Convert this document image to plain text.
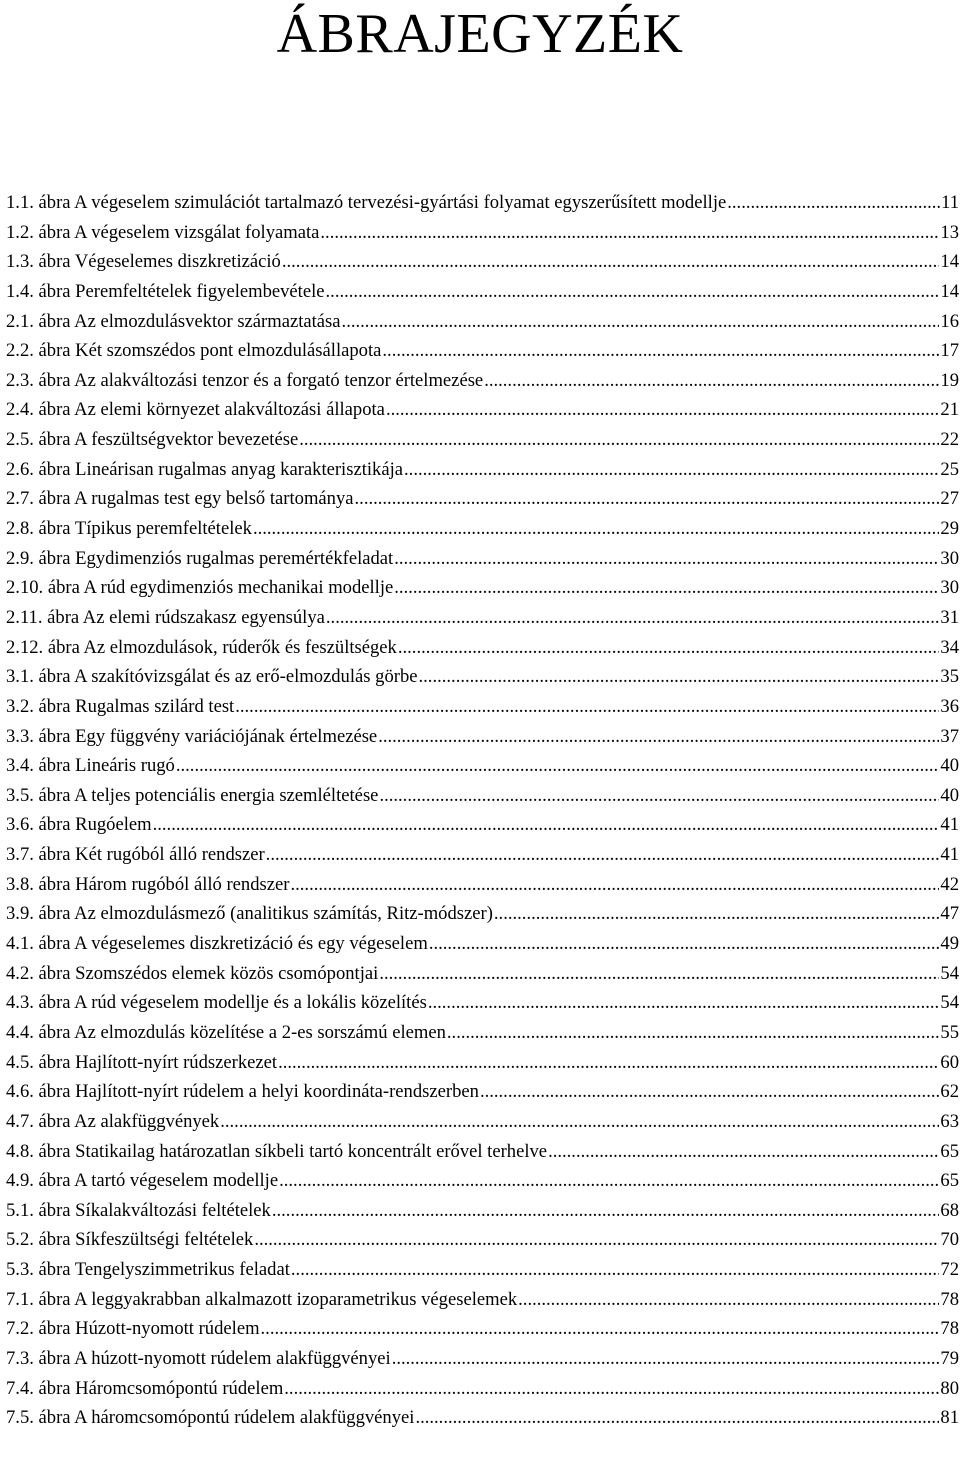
ÁBRAJEGYZÉK
1.1. ábra A végeselem szimulációt tartalmazó tervezési-gyártási folyamat egyszerűsített modellje .....	11
1.2. ábra A végeselem vizsgálat folyamata .....	13
1.3. ábra Végeselemes diszkretizáció .....	14
1.4. ábra Peremfeltételek figyelembevétele .....	14
2.1. ábra Az elmozdulásvektor származtatása .....	16
2.2. ábra Két szomszédos pont elmozdulásállapota .....	17
2.3. ábra Az alakváltozási tenzor és a forgató tenzor értelmezése .....	19
2.4. ábra Az elemi környezet alakváltozási állapota .....	21
2.5. ábra A feszültségvektor bevezetése .....	22
2.6. ábra Lineárisan rugalmas anyag karakterisztikája .....	25
2.7. ábra A rugalmas test egy belső tartománya .....	27
2.8. ábra Típikus peremfeltételek .....	29
2.9. ábra Egydimenziós rugalmas peremértékfeladat .....	30
2.10. ábra A rúd egydimenziós mechanikai modellje .....	30
2.11. ábra Az elemi rúdszakasz egyensúlya .....	31
2.12. ábra Az elmozdulások, rúderők és feszültségek .....	34
3.1. ábra A szakítóvizsgálat és az erő-elmozdulás görbe .....	35
3.2. ábra Rugalmas szilárd test .....	36
3.3. ábra Egy függvény variációjának értelmezése .....	37
3.4. ábra Lineáris rugó .....	40
3.5. ábra A teljes potenciális energia szemléltetése .....	40
3.6. ábra Rugóelem .....	41
3.7. ábra Két rugóból álló rendszer .....	41
3.8. ábra Három rugóból álló rendszer .....	42
3.9. ábra Az elmozdulásmező (analitikus számítás, Ritz-módszer) .....	47
4.1. ábra A végeselemes diszkretizáció és egy végeselem .....	49
4.2. ábra Szomszédos elemek közös csomópontjai .....	54
4.3. ábra A rúd végeselem modellje és a lokális közelítés .....	54
4.4. ábra Az elmozdulás közelítése a 2-es sorszámú elemen .....	55
4.5. ábra Hajlított-nyírt rúdszerkezet .....	60
4.6. ábra Hajlított-nyírt rúdelem a helyi koordináta-rendszerben .....	62
4.7. ábra Az alakfüggvények .....	63
4.8. ábra Statikailag határozatlan síkbeli tartó koncentrált erővel terhelve .....	65
4.9. ábra A tartó végeselem modellje .....	65
5.1. ábra Síkalakváltozási feltételek .....	68
5.2. ábra Síkfeszültségi feltételek .....	70
5.3. ábra Tengelyszimmetrikus feladat .....	72
7.1. ábra A leggyakrabban alkalmazott izoparametrikus végeselemek .....	78
7.2. ábra Húzott-nyomott rúdelem .....	78
7.3. ábra A húzott-nyomott rúdelem alakfüggvényei .....	79
7.4. ábra Háromcsomópontú rúdelem .....	80
7.5. ábra A háromcsomópontú rúdelem alakfüggvényei .....	81
